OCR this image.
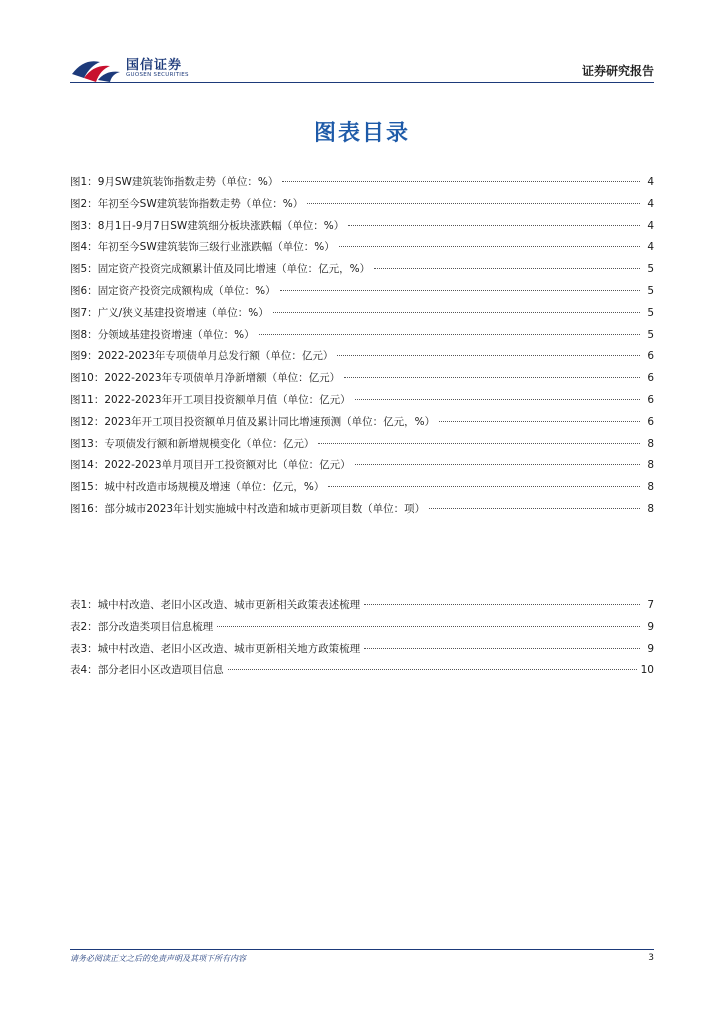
国信证券
GUOSEN SECURITIES	证券研究报告
图表目录
图1： 9月SW建筑装饰指数走势（单位：%）	4
图2： 年初至今SW建筑装饰指数走势（单位：%）	4
图3： 8月1日-9月7日SW建筑细分板块涨跌幅（单位：%）	4
图4： 年初至今SW建筑装饰三级行业涨跌幅（单位：%）	4
图5： 固定资产投资完成额累计值及同比增速（单位：亿元，%）	5
图6： 固定资产投资完成额构成（单位：%）	5
图7： 广义/狭义基建投资增速（单位：%）	5
图8： 分领域基建投资增速（单位：%）	5
图9： 2022-2023年专项债单月总发行额（单位：亿元）	6
图10： 2022-2023年专项债单月净新增额（单位：亿元）	6
图11： 2022-2023年开工项目投资额单月值（单位：亿元）	6
图12： 2023年开工项目投资额单月值及累计同比增速预测（单位：亿元，%）	6
图13： 专项债发行额和新增规模变化（单位：亿元）	8
图14： 2022-2023单月项目开工投资额对比（单位：亿元）	8
图15： 城中村改造市场规模及增速（单位：亿元，%）	8
图16： 部分城市2023年计划实施城中村改造和城市更新项目数（单位：项）	8
表1： 城中村改造、老旧小区改造、城市更新相关政策表述梳理	7
表2： 部分改造类项目信息梳理	9
表3： 城中村改造、老旧小区改造、城市更新相关地方政策梳理	9
表4： 部分老旧小区改造项目信息	10
请务必阅读正文之后的免责声明及其项下所有内容	3
